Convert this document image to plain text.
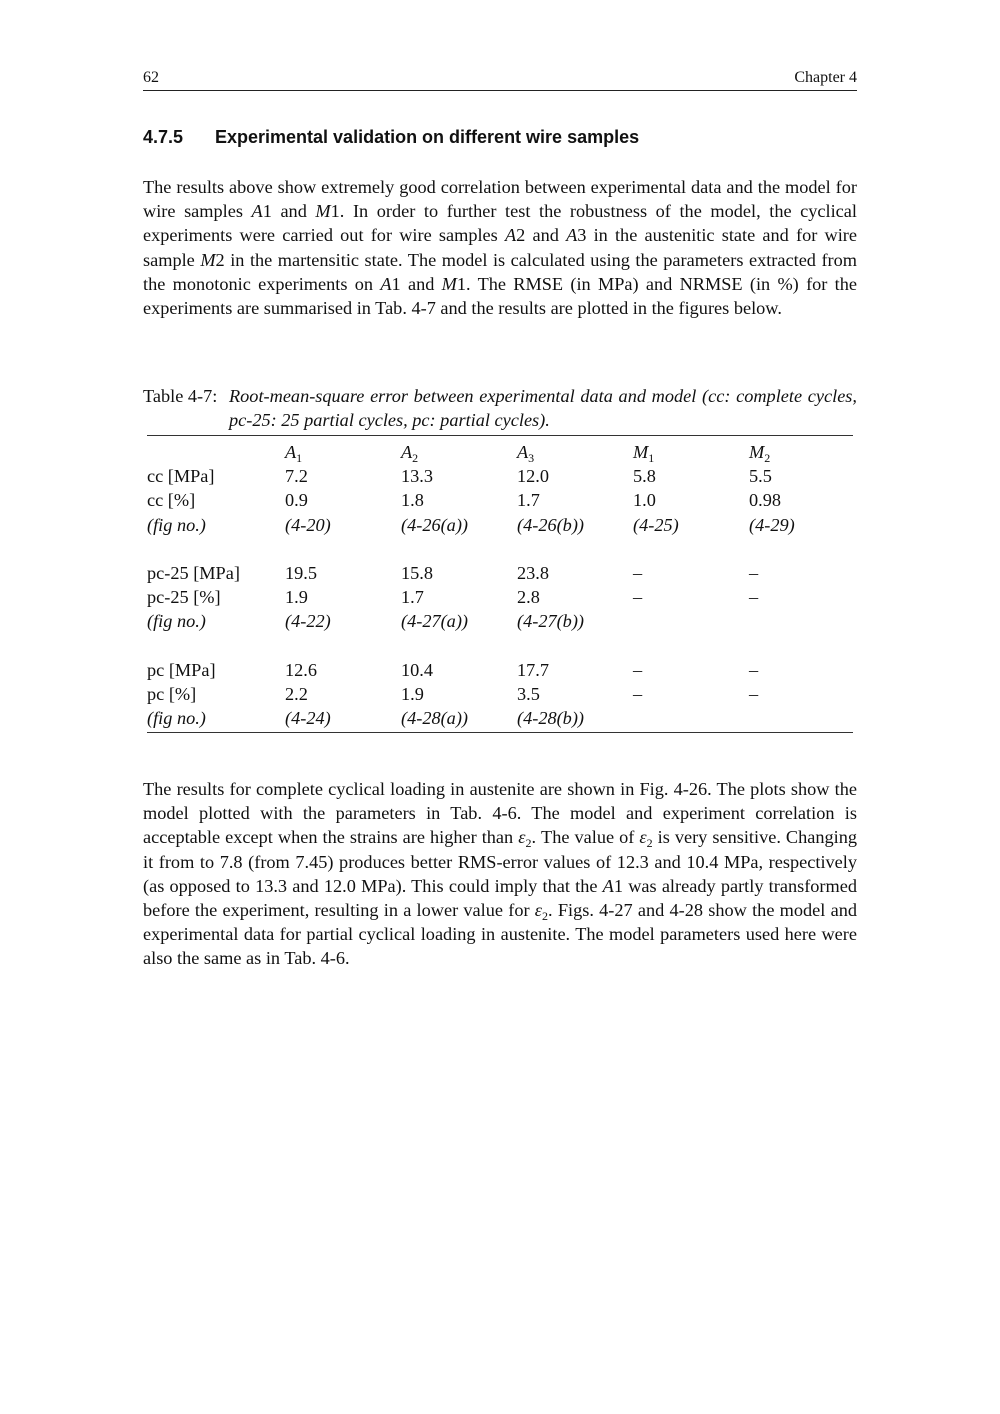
62	Chapter 4
4.7.5 Experimental validation on different wire samples

The results above show extremely good correlation between experimental data and the model for wire samples A1 and M1. In order to further test the robustness of the model, the cyclical experiments were carried out for wire samples A2 and A3 in the austenitic state and for wire sample M2 in the martensitic state. The model is calculated using the parameters extracted from the monotonic experiments on A1 and M1. The RMSE (in MPa) and NRMSE (in %) for the experiments are summarised in Tab. 4-7 and the results are plotted in the figures below.

Table 4-7: Root-mean-square error between experimental data and model (cc: complete cycles, pc-25: 25 partial cycles, pc: partial cycles).

	$A_1$	$A_2$	$A_3$	$M_1$	$M_2$
cc [MPa]	7.2	13.3	12.0	5.8	5.5
cc [%]	0.9	1.8	1.7	1.0	0.98
(fig no.)	(4-20)	(4-26(a))	(4-26(b))	(4-25)	(4-29)

pc-25 [MPa]	19.5	15.8	23.8	–	–
pc-25 [%]	1.9	1.7	2.8	–	–
(fig no.)	(4-22)	(4-27(a))	(4-27(b))		

pc [MPa]	12.6	10.4	17.7	–	–
pc [%]	2.2	1.9	3.5	–	–
(fig no.)	(4-24)	(4-28(a))	(4-28(b))		

The results for complete cyclical loading in austenite are shown in Fig. 4-26. The plots show the model plotted with the parameters in Tab. 4-6. The model and experiment correlation is acceptable except when the strains are higher than $\varepsilon_2$. The value of $\varepsilon_2$ is very sensitive. Changing it from to 7.8 (from 7.45) produces better RMS-error values of 12.3 and 10.4 MPa, respectively (as opposed to 13.3 and 12.0 MPa). This could imply that the A1 was already partly transformed before the experiment, resulting in a lower value for $\varepsilon_2$. Figs. 4-27 and 4-28 show the model and experimental data for partial cyclical loading in austenite. The model parameters used here were also the same as in Tab. 4-6.
